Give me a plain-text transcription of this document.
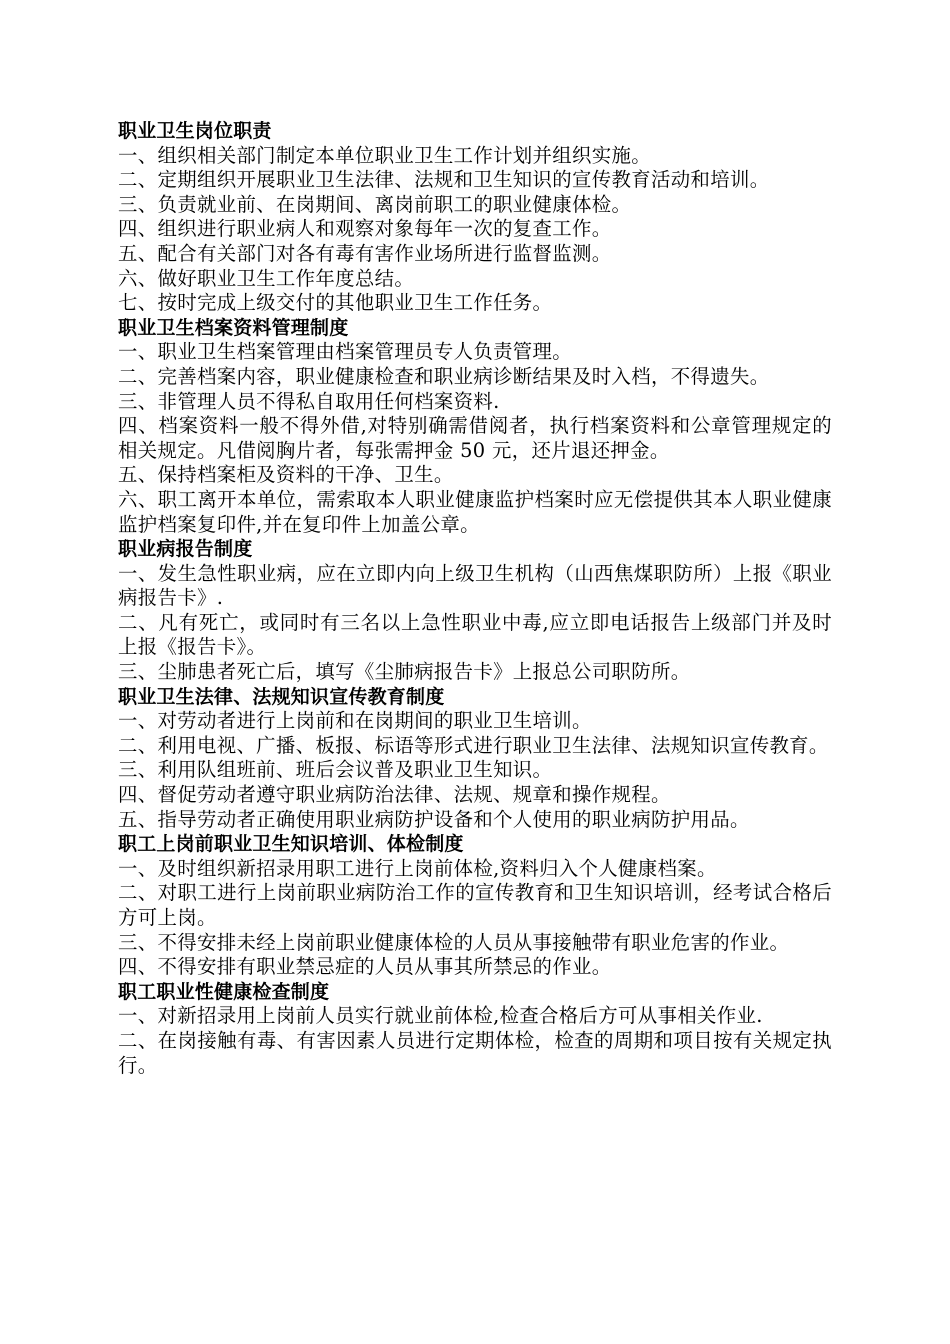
职业卫生岗位职责

一、组织相关部门制定本单位职业卫生工作计划并组织实施。

二、定期组织开展职业卫生法律、法规和卫生知识的宣传教育活动和培训。

三、负责就业前、在岗期间、离岗前职工的职业健康体检。

四、组织进行职业病人和观察对象每年一次的复查工作。

五、配合有关部门对各有毒有害作业场所进行监督监测。

六、做好职业卫生工作年度总结。

七、按时完成上级交付的其他职业卫生工作任务。

职业卫生档案资料管理制度

一、职业卫生档案管理由档案管理员专人负责管理。

二、完善档案内容，职业健康检查和职业病诊断结果及时入档，不得遗失。

三、非管理人员不得私自取用任何档案资料.

四、档案资料一般不得外借,对特别确需借阅者，执行档案资料和公章管理规定的相关规定。凡借阅胸片者，每张需押金 50 元，还片退还押金。

五、保持档案柜及资料的干净、卫生。

六、职工离开本单位，需索取本人职业健康监护档案时应无偿提供其本人职业健康监护档案复印件,并在复印件上加盖公章。

职业病报告制度

一、发生急性职业病，应在立即内向上级卫生机构（山西焦煤职防所）上报《职业病报告卡》.

二、凡有死亡，或同时有三名以上急性职业中毒,应立即电话报告上级部门并及时上报《报告卡》。

三、尘肺患者死亡后，填写《尘肺病报告卡》上报总公司职防所。

职业卫生法律、法规知识宣传教育制度

一、对劳动者进行上岗前和在岗期间的职业卫生培训。

二、利用电视、广播、板报、标语等形式进行职业卫生法律、法规知识宣传教育。

三、利用队组班前、班后会议普及职业卫生知识。

四、督促劳动者遵守职业病防治法律、法规、规章和操作规程。

五、指导劳动者正确使用职业病防护设备和个人使用的职业病防护用品。

职工上岗前职业卫生知识培训、体检制度

一、及时组织新招录用职工进行上岗前体检,资料归入个人健康档案。

二、对职工进行上岗前职业病防治工作的宣传教育和卫生知识培训，经考试合格后方可上岗。

三、不得安排未经上岗前职业健康体检的人员从事接触带有职业危害的作业。

四、不得安排有职业禁忌症的人员从事其所禁忌的作业。

职工职业性健康检查制度

一、对新招录用上岗前人员实行就业前体检,检查合格后方可从事相关作业.

二、在岗接触有毒、有害因素人员进行定期体检，检查的周期和项目按有关规定执行。
